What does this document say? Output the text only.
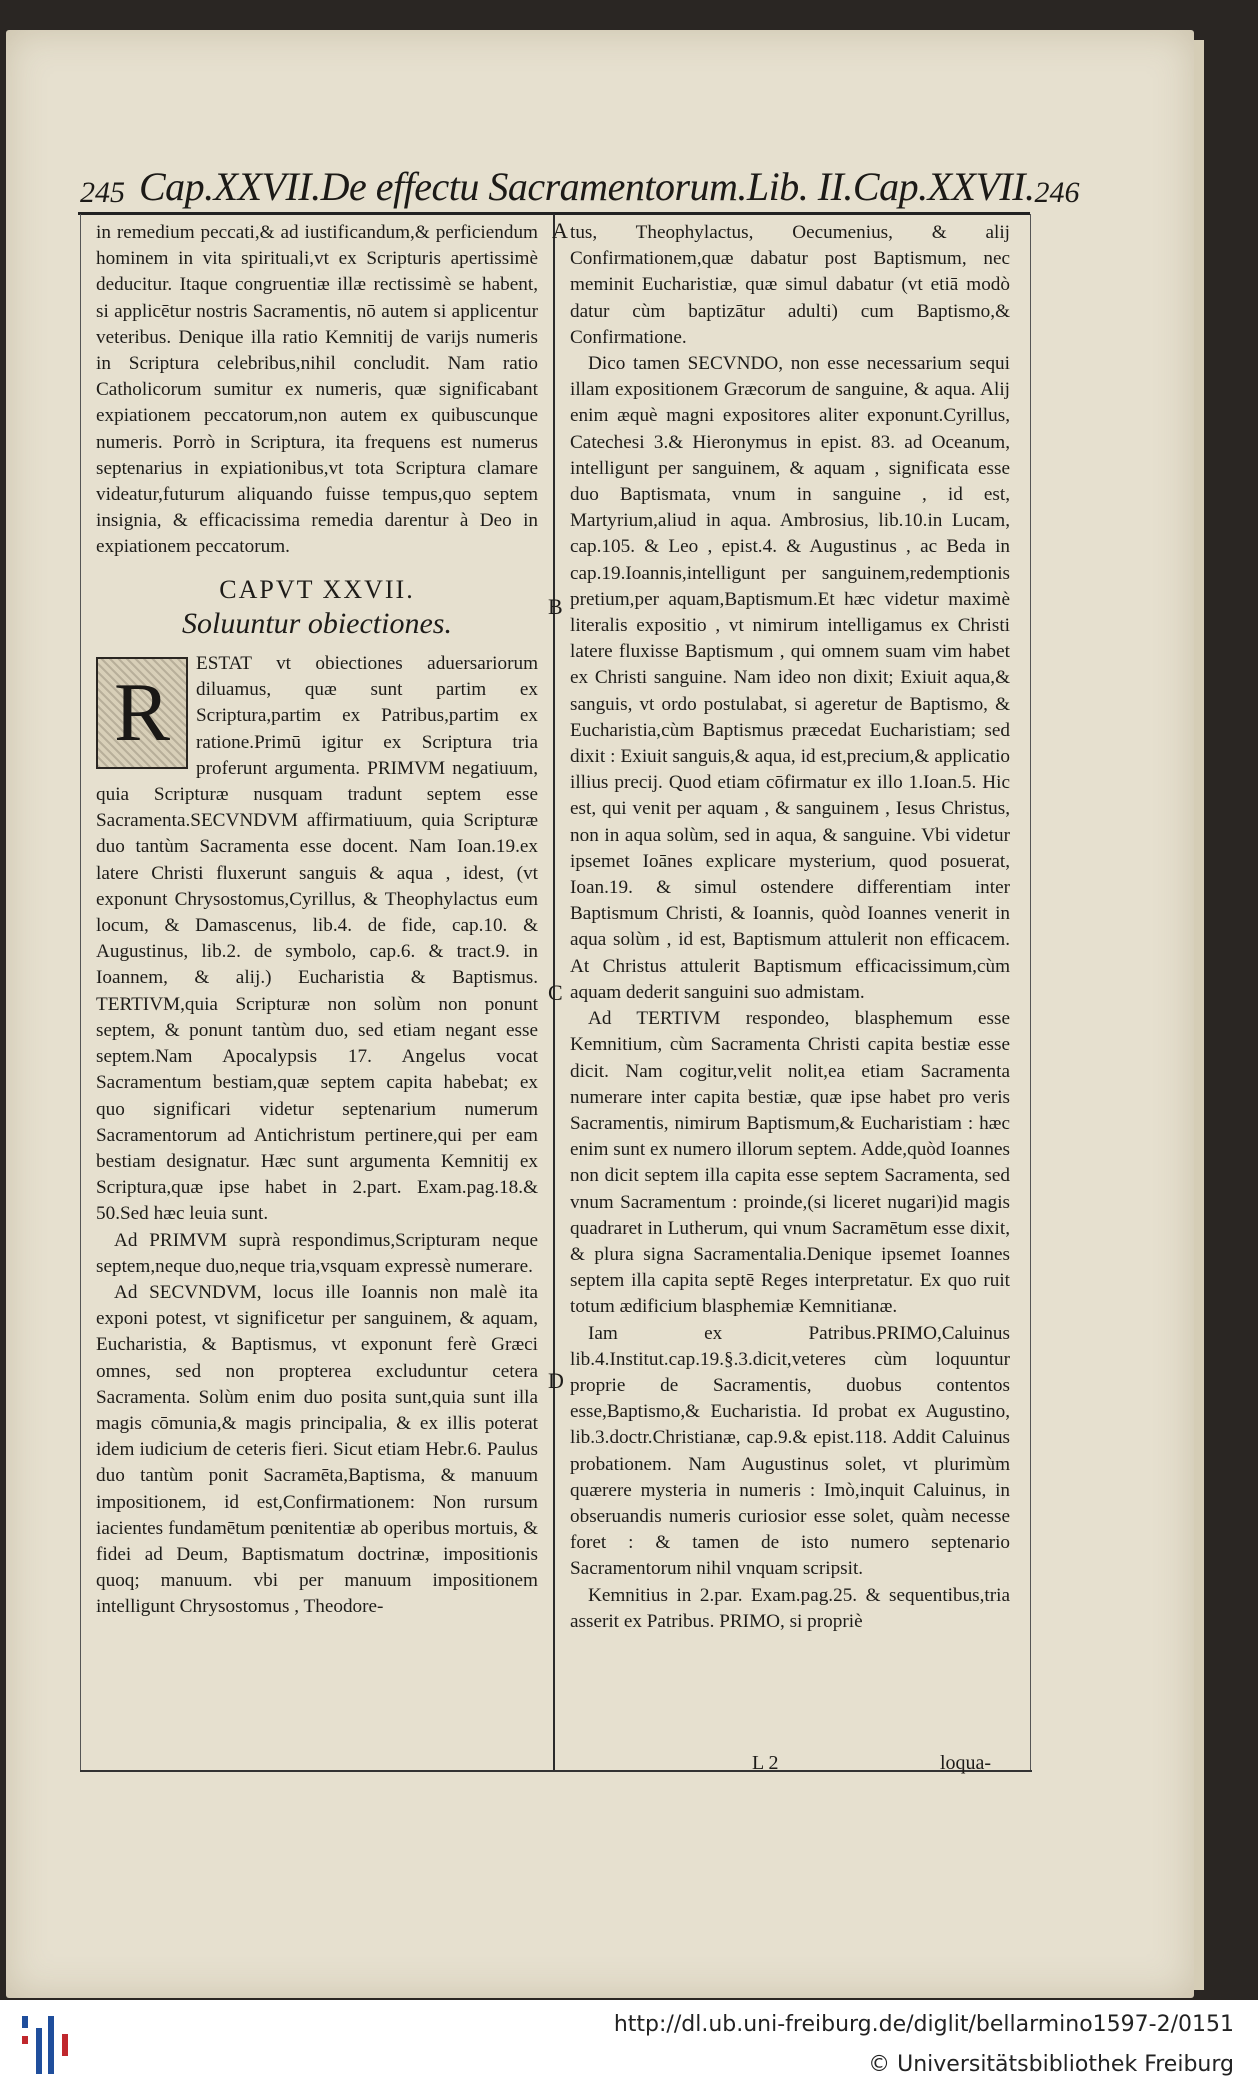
245 Cap.XXVII.De effectu Sacramentorum.Lib. II.Cap.XXVII. 246
A
B
C
D

in remedium peccati,& ad iustificandum,& perficiendum hominem in vita spirituali,vt ex Scripturis apertissimè deducitur. Itaque congruentiæ illæ rectissimè se habent, si applicētur nostris Sacramentis, nō autem si applicentur veteribus. Denique illa ratio Kemnitij de varijs numeris in Scriptura celebribus,nihil concludit. Nam ratio Catholicorum sumitur ex numeris, quæ significabant expiationem peccatorum,non autem ex quibuscunque numeris. Porrò in Scriptura, ita frequens est numerus septenarius in expiationibus,vt tota Scriptura clamare videatur,futurum aliquando fuisse tempus,quo septem insignia, & efficacissima remedia darentur à Deo in expiationem peccatorum.

CAPVT XXVII.

Soluuntur obiectiones.

R

ESTAT vt obiectiones aduersariorum diluamus, quæ sunt partim ex Scriptura,partim ex Patribus,partim ex ratione.Primū igitur ex Scriptura tria proferunt argumenta. PRIMVM negatiuum, quia Scripturæ nusquam tradunt septem esse Sacramenta.SECVNDVM affirmatiuum, quia Scripturæ duo tantùm Sacramenta esse docent. Nam Ioan.19.ex latere Christi fluxerunt sanguis & aqua , idest, (vt exponunt Chrysostomus,Cyrillus, & Theophylactus eum locum, & Damascenus, lib.4. de fide, cap.10. & Augustinus, lib.2. de symbolo, cap.6. & tract.9. in Ioannem, & alij.) Eucharistia & Baptismus. TERTIVM,quia Scripturæ non solùm non ponunt septem, & ponunt tantùm duo, sed etiam negant esse septem.Nam Apocalypsis 17. Angelus vocat Sacramentum bestiam,quæ septem capita habebat; ex quo significari videtur septenarium numerum Sacramentorum ad Antichristum pertinere,qui per eam bestiam designatur. Hæc sunt argumenta Kemnitij ex Scriptura,quæ ipse habet in 2.part. Exam.pag.18.& 50.Sed hæc leuia sunt.

Ad PRIMVM suprà respondimus,Scripturam neque septem,neque duo,neque tria,vsquam expressè numerare.

Ad SECVNDVM, locus ille Ioannis non malè ita exponi potest, vt significetur per sanguinem, & aquam, Eucharistia, & Baptismus, vt exponunt ferè Græci omnes, sed non propterea excluduntur cetera Sacramenta. Solùm enim duo posita sunt,quia sunt illa magis cōmunia,& magis principalia, & ex illis poterat idem iudicium de ceteris fieri. Sicut etiam Hebr.6. Paulus duo tantùm ponit Sacramēta,Baptisma, & manuum impositionem, id est,Confirmationem: Non rursum iacientes fundamētum pœnitentiæ ab operibus mortuis, & fidei ad Deum, Baptismatum doctrinæ, impositionis quoq; manuum. vbi per manuum impositionem intelligunt Chrysostomus , Theodore-

tus, Theophylactus, Oecumenius, & alij Confirmationem,quæ dabatur post Baptismum, nec meminit Eucharistiæ, quæ simul dabatur (vt etiā modò datur cùm baptizātur adulti) cum Baptismo,& Confirmatione.

Dico tamen SECVNDO, non esse necessarium sequi illam expositionem Græcorum de sanguine, & aqua. Alij enim æquè magni expositores aliter exponunt.Cyrillus, Catechesi 3.& Hieronymus in epist. 83. ad Oceanum, intelligunt per sanguinem, & aquam , significata esse duo Baptismata, vnum in sanguine , id est, Martyrium,aliud in aqua. Ambrosius, lib.10.in Lucam, cap.105. & Leo , epist.4. & Augustinus , ac Beda in cap.19.Ioannis,intelligunt per sanguinem,redemptionis pretium,per aquam,Baptismum.Et hæc videtur maximè literalis expositio , vt nimirum intelligamus ex Christi latere fluxisse Baptismum , qui omnem suam vim habet ex Christi sanguine. Nam ideo non dixit; Exiuit aqua,& sanguis, vt ordo postulabat, si ageretur de Baptismo, & Eucharistia,cùm Baptismus præcedat Eucharistiam; sed dixit : Exiuit sanguis,& aqua, id est,precium,& applicatio illius precij. Quod etiam cōfirmatur ex illo 1.Ioan.5. Hic est, qui venit per aquam , & sanguinem , Iesus Christus, non in aqua solùm, sed in aqua, & sanguine. Vbi videtur ipsemet Ioānes explicare mysterium, quod posuerat, Ioan.19. & simul ostendere differentiam inter Baptismum Christi, & Ioannis, quòd Ioannes venerit in aqua solùm , id est, Baptismum attulerit non efficacem. At Christus attulerit Baptismum efficacissimum,cùm aquam dederit sanguini suo admistam.

Ad TERTIVM respondeo, blasphemum esse Kemnitium, cùm Sacramenta Christi capita bestiæ esse dicit. Nam cogitur,velit nolit,ea etiam Sacramenta numerare inter capita bestiæ, quæ ipse habet pro veris Sacramentis, nimirum Baptismum,& Eucharistiam : hæc enim sunt ex numero illorum septem. Adde,quòd Ioannes non dicit septem illa capita esse septem Sacramenta, sed vnum Sacramentum : proinde,(si liceret nugari)id magis quadraret in Lutherum, qui vnum Sacramētum esse dixit, & plura signa Sacramentalia.Denique ipsemet Ioannes septem illa capita septē Reges interpretatur. Ex quo ruit totum ædificium blasphemiæ Kemnitianæ.

Iam ex Patribus.PRIMO,Caluinus lib.4.Institut.cap.19.§.3.dicit,veteres cùm loquuntur proprie de Sacramentis, duobus contentos esse,Baptismo,& Eucharistia. Id probat ex Augustino, lib.3.doctr.Christianæ, cap.9.& epist.118. Addit Caluinus probationem. Nam Augustinus solet, vt plurimùm quærere mysteria in numeris : Imò,inquit Caluinus, in obseruandis numeris curiosior esse solet, quàm necesse foret : & tamen de isto numero septenario Sacramentorum nihil vnquam scripsit.

Kemnitius in 2.par. Exam.pag.25. & sequentibus,tria asserit ex Patribus. PRIMO, si propriè

L 2	loqua-
http://dl.ub.uni-freiburg.de/diglit/bellarmino1597-2/0151
© Universitätsbibliothek Freiburg
